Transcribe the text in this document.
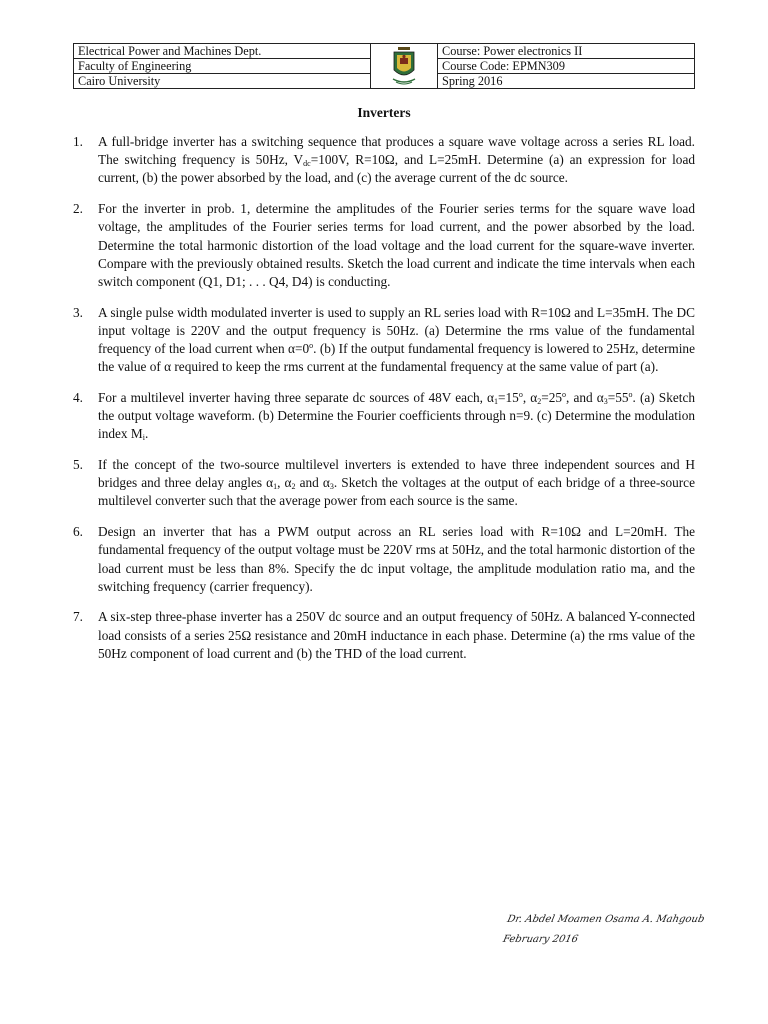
Electrical Power and Machines Dept.		Course: Power electronics II
Faculty of Engineering		Course Code: EPMN309
Cairo University		Spring 2016
Inverters
1.	A full-bridge inverter has a switching sequence that produces a square wave voltage across a series RL load. The switching frequency is 50Hz, $V_{dc}=100V$, R=10Ω, and L=25mH. Determine (a) an expression for load current, (b) the power absorbed by the load, and (c) the average current of the dc source.
2.	For the inverter in prob. 1, determine the amplitudes of the Fourier series terms for the square wave load voltage, the amplitudes of the Fourier series terms for load current, and the power absorbed by the load. Determine the total harmonic distortion of the load voltage and the load current for the square-wave inverter. Compare with the previously obtained results. Sketch the load current and indicate the time intervals when each switch component (Q1, D1; . . . Q4, D4) is conducting.
3.	A single pulse width modulated inverter is used to supply an RL series load with R=10Ω and L=35mH. The DC input voltage is 220V and the output frequency is 50Hz. (a) Determine the rms value of the fundamental frequency of the load current when $\alpha=0^o$. (b) If the output fundamental frequency is lowered to 25Hz, determine the value of α required to keep the rms current at the fundamental frequency at the same value of part (a).
4.	For a multilevel inverter having three separate dc sources of 48V each, $\alpha_1=15^o$, $\alpha_2=25^o$, and $\alpha_3=55^o$. (a) Sketch the output voltage waveform. (b) Determine the Fourier coefficients through n=9. (c) Determine the modulation index $M_i$.
5.	If the concept of the two-source multilevel inverters is extended to have three independent sources and H bridges and three delay angles $\alpha_1$, $\alpha_2$ and $\alpha_3$. Sketch the voltages at the output of each bridge of a three-source multilevel converter such that the average power from each source is the same.
6.	Design an inverter that has a PWM output across an RL series load with R=10Ω and L=20mH. The fundamental frequency of the output voltage must be 220V rms at 50Hz, and the total harmonic distortion of the load current must be less than 8%. Specify the dc input voltage, the amplitude modulation ratio ma, and the switching frequency (carrier frequency).
7.	A six-step three-phase inverter has a 250V dc source and an output frequency of 50Hz. A balanced Y-connected load consists of a series 25Ω resistance and 20mH inductance in each phase. Determine (a) the rms value of the 50Hz component of load current and (b) the THD of the load current.
Dr. Abdel Moamen Osama A. Mahgoub
February 2016
